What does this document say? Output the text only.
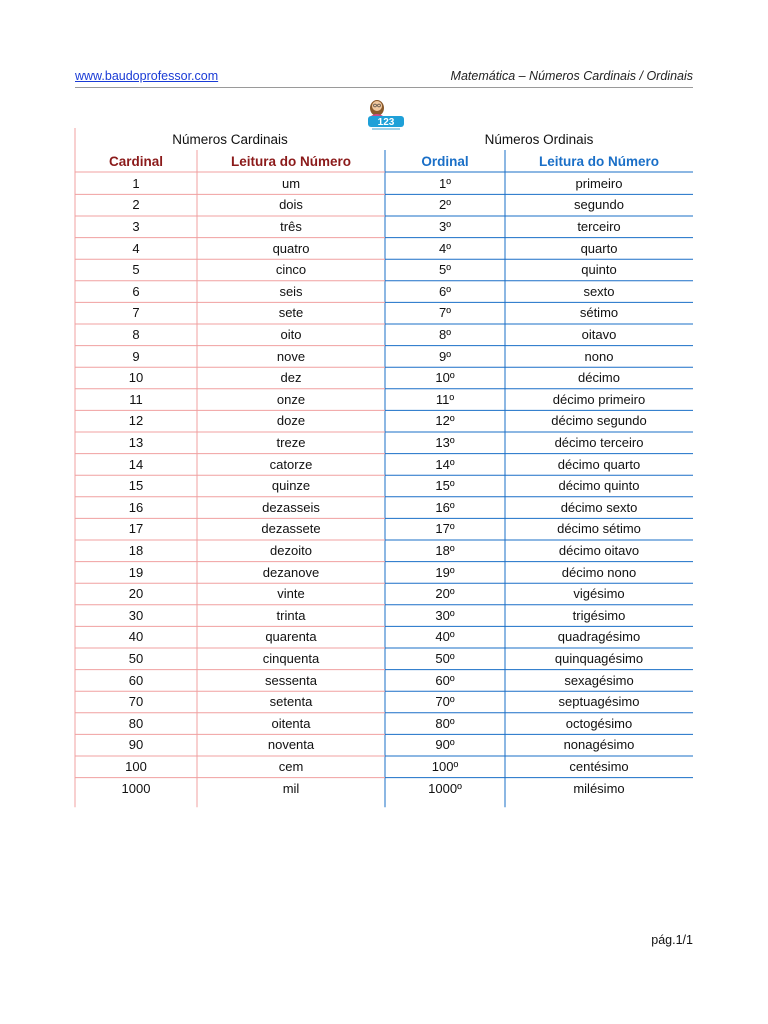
www.baudoprofessor.com	Matemática – Números Cardinais / Ordinais
123
Números Cardinais	Números Ordinais
Cardinal	Leitura do Número	Ordinal	Leitura do Número
1	um	1º	primeiro
2	dois	2º	segundo
3	três	3º	terceiro
4	quatro	4º	quarto
5	cinco	5º	quinto
6	seis	6º	sexto
7	sete	7º	sétimo
8	oito	8º	oitavo
9	nove	9º	nono
10	dez	10º	décimo
11	onze	11º	décimo primeiro
12	doze	12º	décimo segundo
13	treze	13º	décimo terceiro
14	catorze	14º	décimo quarto
15	quinze	15º	décimo quinto
16	dezasseis	16º	décimo sexto
17	dezassete	17º	décimo sétimo
18	dezoito	18º	décimo oitavo
19	dezanove	19º	décimo nono
20	vinte	20º	vigésimo
30	trinta	30º	trigésimo
40	quarenta	40º	quadragésimo
50	cinquenta	50º	quinquagésimo
60	sessenta	60º	sexagésimo
70	setenta	70º	septuagésimo
80	oitenta	80º	octogésimo
90	noventa	90º	nonagésimo
100	cem	100º	centésimo
1000	mil	1000º	milésimo
pág.1/1
